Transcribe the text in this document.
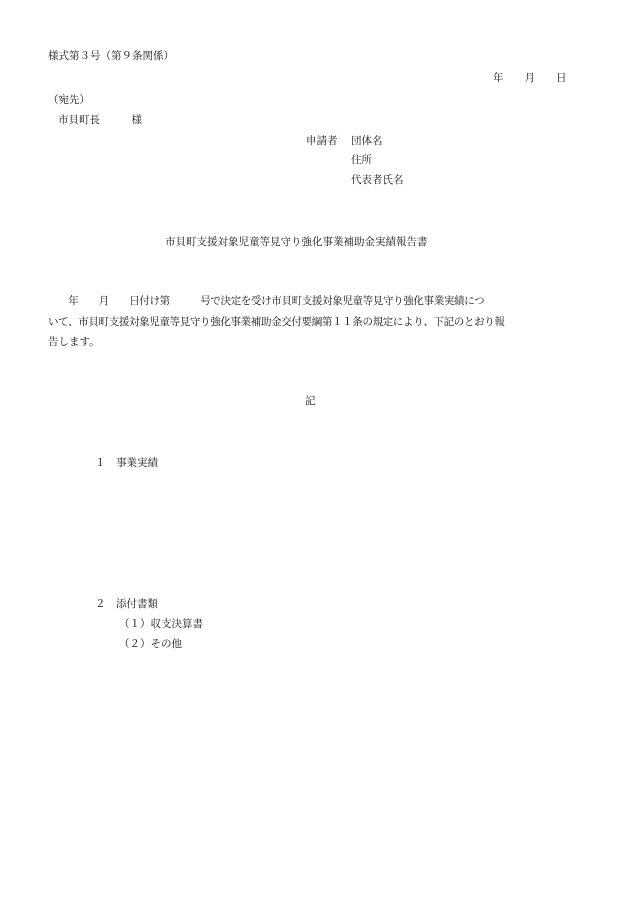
様式第３号（第９条関係）

年　　月　　日

（宛先）

市貝町長　　　様

申請者 団体名

住所

代表者氏名

市貝町支援対象児童等見守り強化事業補助金実績報告書

　　年　　月　　日付け第　　　号で決定を受け市貝町支援対象児童等見守り強化事業実績につ

いて、市貝町支援対象児童等見守り強化事業補助金交付要綱第１１条の規定により、下記のとおり報

告します。

記

１　事業実績

２　添付書類

（１）収支決算書

（２）その他
